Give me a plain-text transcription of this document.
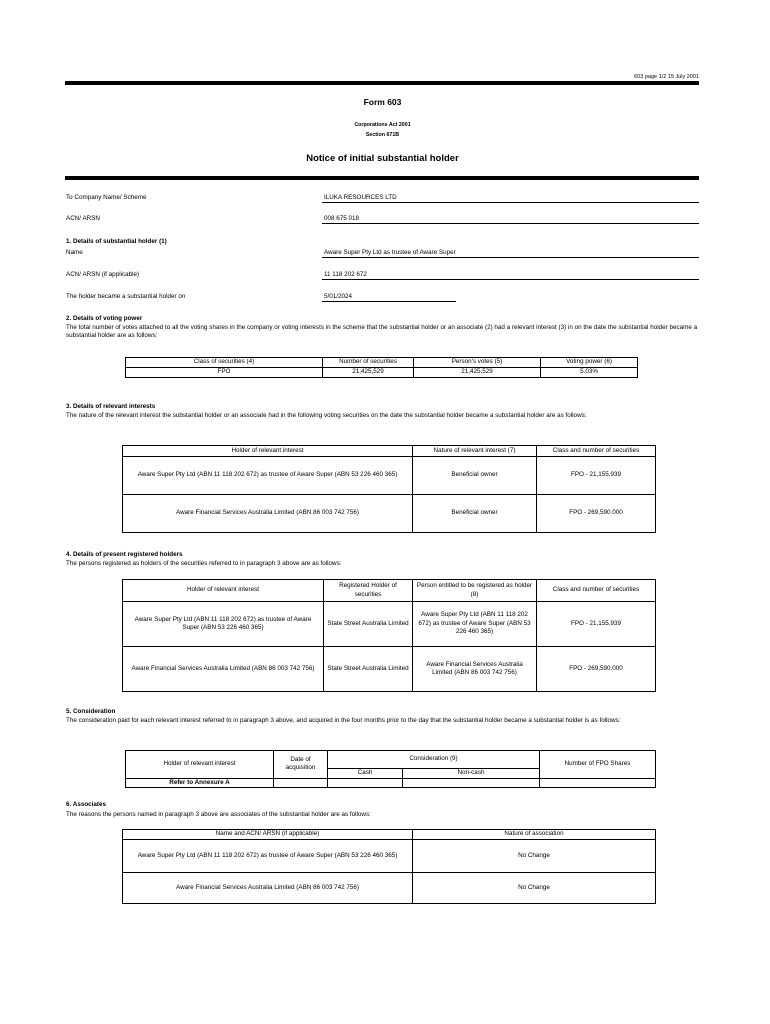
603 page 1/2 15 July 2001
Form 603
Corporations Act 2001
Section 671B
Notice of initial substantial holder
To Company Name/ Scheme	ILUKA RESOURCES LTD
ACN/ ARSN	008 675 018
1. Details of substantial holder (1)
Name	Aware Super Pty Ltd as trustee of Aware Super
ACN/ ARSN (if applicable)	11 118 202 672
The holder became a substantial holder on	5/01/2024
2. Details of voting power
The total number of votes attached to all the voting shares in the company or voting interests in the scheme that the substantial holder or an associate (2) had a relevant interest (3) in on the date the substantial holder became a substantial holder are as follows:
Class of securities (4)	Number of securities	Person's votes (5)	Voting power (6)
FPO	21,425,529	21,425,529	5.03%
3. Details of relevant interests
The nature of the relevant interest the substantial holder or an associate had in the following voting securities on the date the substantial holder became a substantial holder are as follows:
Holder of relevant interest	Nature of relevant interest (7)	Class and number of securities
Aware Super Pty Ltd (ABN 11 118 202 672) as trustee of Aware Super (ABN 53 226 460 365)	Beneficial owner	FPO - 21,155,939
Aware Financial Services Australia Limited (ABN 86 003 742 756)	Beneficial owner	FPO - 269,590.000
4. Details of present registered holders
The persons registered as holders of the securities referred to in paragraph 3 above are as follows:
Holder of relevant interest	Registered Holder of securities	Person entitled to be registered as holder (8)	Class and number of securities
Aware Super Pty Ltd (ABN 11 118 202 672) as trustee of Aware Super (ABN 53 226 460 365)	State Street Australia Limited	Aware Super Pty Ltd (ABN 11 118 202 672) as trustee of Aware Super (ABN 53 226 460 365)	FPO - 21,155,939
Aware Financial Services Australia Limited (ABN 86 003 742 756)	State Street Australia Limited	Aware Financial Services Australia Limited (ABN 86 003 742 756)	FPO - 269,590.000
5. Consideration
The consideration paid for each relevant interest referred to in paragraph 3 above, and acquired in the four months prior to the day that the substantial holder became a substantial holder is as follows:
Holder of relevant interest	Date of acquisition	Consideration (9)		Number of FPO Shares
		Cash	Non-cash	
Refer to Annexure A				
6. Associates
The reasons the persons named in paragraph 3 above are associates of the substantial holder are as follows:
Name and ACN/ ARSN (if applicable)	Nature of association
Aware Super Pty Ltd (ABN 11 118 202 672) as trustee of Aware Super (ABN 53 226 460 365)	No Change
Aware Financial Services Australia Limited (ABN 86 003 742 756)	No Change
